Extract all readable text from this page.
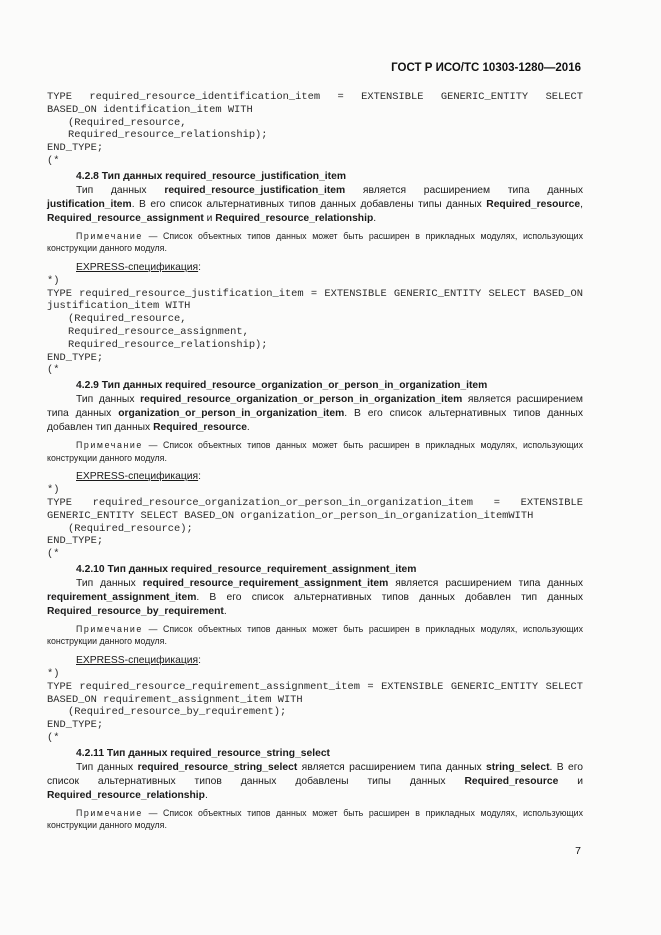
ГОСТ Р ИСО/ТС 10303-1280—2016
TYPE required_resource_identification_item = EXTENSIBLE GENERIC_ENTITY SELECT BASED_ON identification_item WITH
(Required_resource,
Required_resource_relationship);
END_TYPE;
(*
4.2.8 Тип данных required_resource_justification_item

Тип данных required_resource_justification_item является расширением типа данных justification_item. В его список альтернативных типов данных добавлены типы данных Required_resource, Required_resource_assignment и Required_resource_relationship.

Примечание — Список объектных типов данных может быть расширен в прикладных модулях, использующих конструкции данного модуля.

EXPRESS-спецификация:
*)
TYPE required_resource_justification_item = EXTENSIBLE GENERIC_ENTITY SELECT BASED_ON justification_item WITH
(Required_resource,
Required_resource_assignment,
Required_resource_relationship);
END_TYPE;
(*
4.2.9 Тип данных required_resource_organization_or_person_in_organization_item

Тип данных required_resource_organization_or_person_in_organization_item является расширением типа данных organization_or_person_in_organization_item. В его список альтернативных типов данных добавлен тип данных Required_resource.

Примечание — Список объектных типов данных может быть расширен в прикладных модулях, использующих конструкции данного модуля.

EXPRESS-спецификация:
*)
TYPE required_resource_organization_or_person_in_organization_item = EXTENSIBLE GENERIC_ENTITY SELECT BASED_ON organization_or_person_in_organization_itemWITH
(Required_resource);
END_TYPE;
(*
4.2.10 Тип данных required_resource_requirement_assignment_item

Тип данных required_resource_requirement_assignment_item является расширением типа данных requirement_assignment_item. В его список альтернативных типов данных добавлен тип данных Required_resource_by_requirement.

Примечание — Список объектных типов данных может быть расширен в прикладных модулях, использующих конструкции данного модуля.

EXPRESS-спецификация:
*)
TYPE required_resource_requirement_assignment_item = EXTENSIBLE GENERIC_ENTITY SELECT BASED_ON requirement_assignment_item WITH
(Required_resource_by_requirement);
END_TYPE;
(*
4.2.11 Тип данных required_resource_string_select

Тип данных required_resource_string_select является расширением типа данных string_select. В его список альтернативных типов данных добавлены типы данных Required_resource и Required_resource_relationship.

Примечание — Список объектных типов данных может быть расширен в прикладных модулях, использующих конструкции данного модуля.

7
